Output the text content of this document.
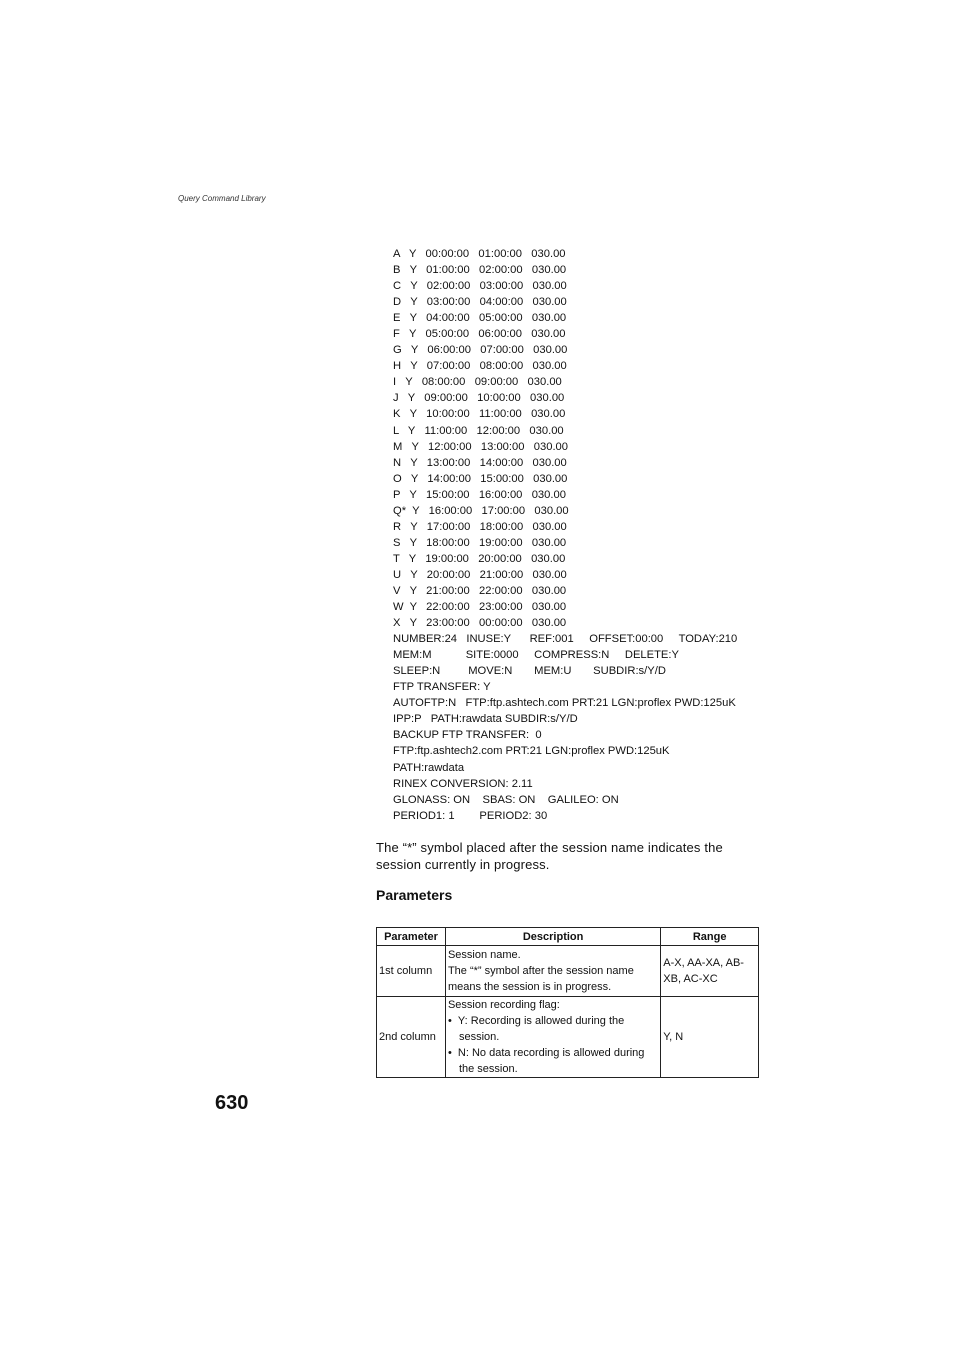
Query Command Library
A   Y   00:00:00   01:00:00   030.00
B   Y   01:00:00   02:00:00   030.00
C   Y   02:00:00   03:00:00   030.00
D   Y   03:00:00   04:00:00   030.00
E   Y   04:00:00   05:00:00   030.00
F   Y   05:00:00   06:00:00   030.00
G   Y   06:00:00   07:00:00   030.00
H   Y   07:00:00   08:00:00   030.00
I   Y   08:00:00   09:00:00   030.00
J   Y   09:00:00   10:00:00   030.00
K   Y   10:00:00   11:00:00   030.00
L   Y   11:00:00   12:00:00   030.00
M   Y   12:00:00   13:00:00   030.00
N   Y   13:00:00   14:00:00   030.00
O   Y   14:00:00   15:00:00   030.00
P   Y   15:00:00   16:00:00   030.00
Q*  Y   16:00:00   17:00:00   030.00
R   Y   17:00:00   18:00:00   030.00
S   Y   18:00:00   19:00:00   030.00
T   Y   19:00:00   20:00:00   030.00
U   Y   20:00:00   21:00:00   030.00
V   Y   21:00:00   22:00:00   030.00
W  Y   22:00:00   23:00:00   030.00
X   Y   23:00:00   00:00:00   030.00
NUMBER:24   INUSE:Y      REF:001     OFFSET:00:00     TODAY:210
MEM:M           SITE:0000     COMPRESS:N     DELETE:Y
SLEEP:N         MOVE:N       MEM:U       SUBDIR:s/Y/D
FTP TRANSFER: Y
AUTOFTP:N   FTP:ftp.ashtech.com PRT:21 LGN:proflex PWD:125uK
IPP:P   PATH:rawdata SUBDIR:s/Y/D
BACKUP FTP TRANSFER:  0
FTP:ftp.ashtech2.com PRT:21 LGN:proflex PWD:125uK
PATH:rawdata
RINEX CONVERSION: 2.11
GLONASS: ON    SBAS: ON    GALILEO: ON
PERIOD1: 1        PERIOD2: 30
The “*” symbol placed after the session name indicates the session currently in progress.
Parameters
Parameter	Description	Range
1st column	Session name.
The “*” symbol after the session name means the session is in progress.	A-X, AA-XA, AB-XB, AC-XC
2nd column	Session recording flag:
•  Y: Recording is allowed during the session.
•  N: No data recording is allowed during the session.	Y, N
630
